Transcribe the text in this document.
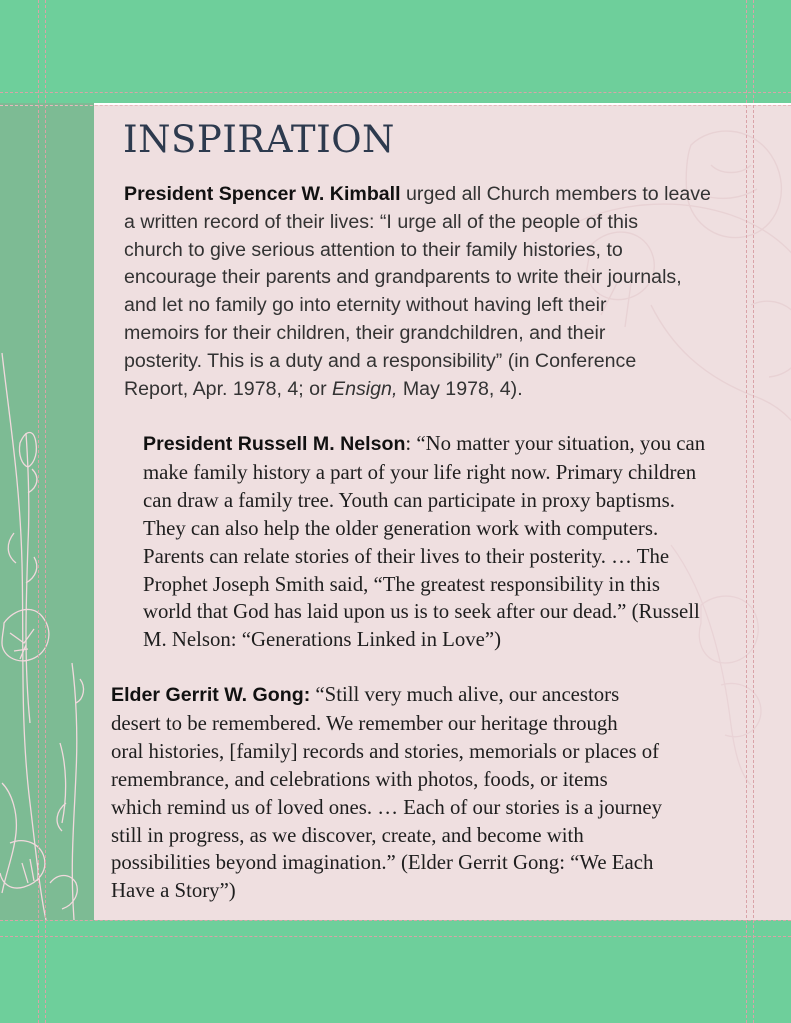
INSPIRATION
President Spencer W. Kimball urged all Church members to leave
a written record of their lives: “I urge all of the people of this
church to give serious attention to their family histories, to
encourage their parents and grandparents to write their journals,
and let no family go into eternity without having left their
memoirs for their children, their grandchildren, and their
posterity. This is a duty and a responsibility” (in Conference
Report, Apr. 1978, 4; or Ensign, May 1978, 4).
President Russell M. Nelson: “No matter your situation, you can
make family history a part of your life right now. Primary children
can draw a family tree. Youth can participate in proxy baptisms.
They can also help the older generation work with computers.
Parents can relate stories of their lives to their posterity. … The
Prophet Joseph Smith said, “The greatest responsibility in this
world that God has laid upon us is to seek after our dead.” (Russell
M. Nelson: “Generations Linked in Love”)
Elder Gerrit W. Gong: “Still very much alive, our ancestors
desert to be remembered. We remember our heritage through
oral histories, [family] records and stories, memorials or places of
remembrance, and celebrations with photos, foods, or items
which remind us of loved ones. … Each of our stories is a journey
still in progress, as we discover, create, and become with
possibilities beyond imagination.” (Elder Gerrit Gong: “We Each
Have a Story”)
